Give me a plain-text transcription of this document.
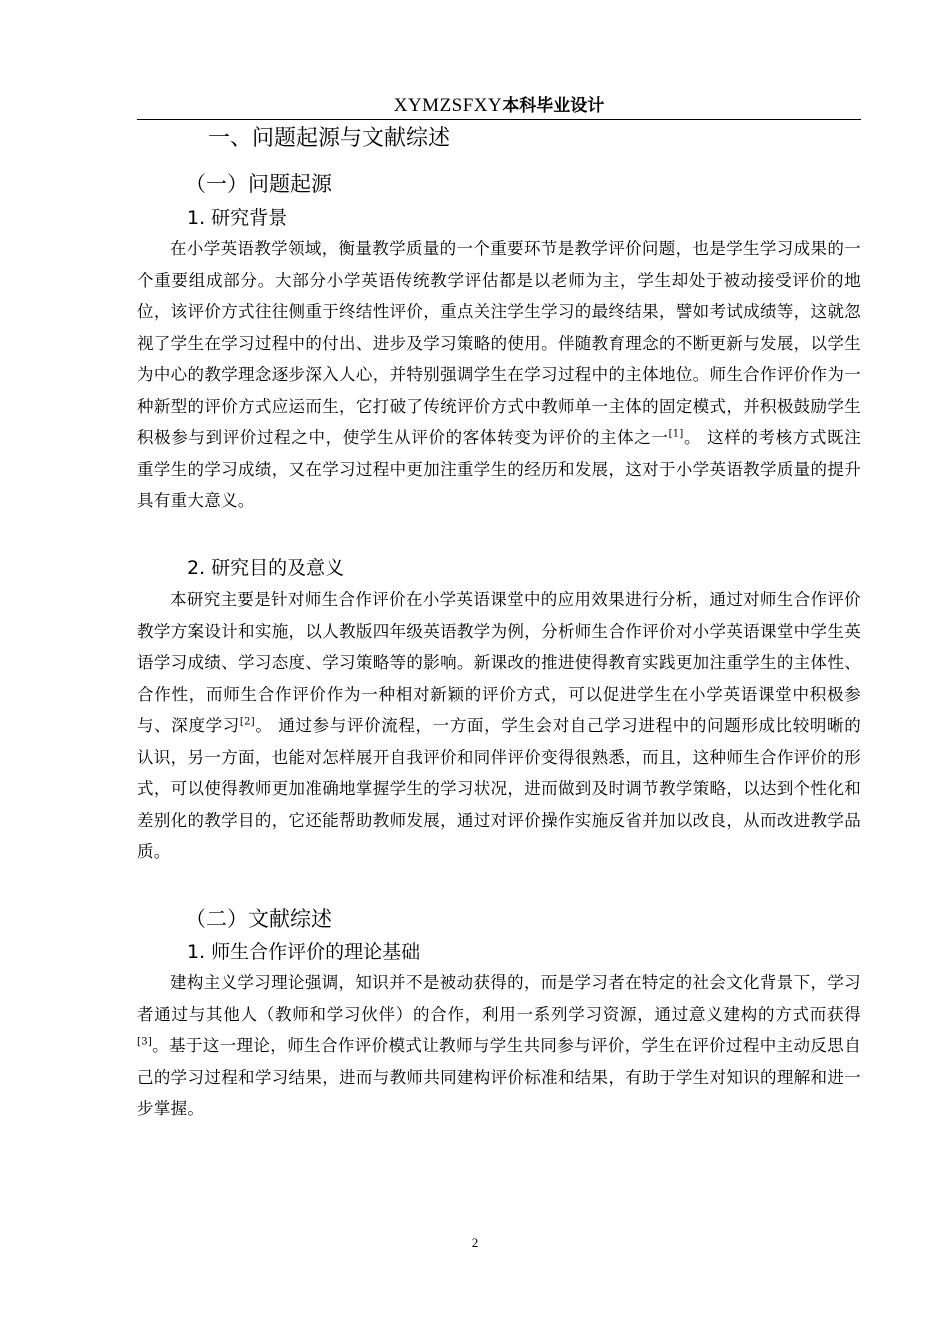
XYMZSFXY本科毕业设计
一、问题起源与文献综述
（一）问题起源
1. 研究背景
在小学英语教学领域，衡量教学质量的一个重要环节是教学评价问题，也是学生学习成果的一个重要组成部分。大部分小学英语传统教学评估都是以老师为主，学生却处于被动接受评价的地位，该评价方式往往侧重于终结性评价，重点关注学生学习的最终结果，譬如考试成绩等，这就忽视了学生在学习过程中的付出、进步及学习策略的使用。伴随教育理念的不断更新与发展，以学生为中心的教学理念逐步深入人心，并特别强调学生在学习过程中的主体地位。师生合作评价作为一种新型的评价方式应运而生，它打破了传统评价方式中教师单一主体的固定模式，并积极鼓励学生积极参与到评价过程之中，使学生从评价的客体转变为评价的主体之一[1]。 这样的考核方式既注重学生的学习成绩，又在学习过程中更加注重学生的经历和发展，这对于小学英语教学质量的提升具有重大意义。
2. 研究目的及意义
本研究主要是针对师生合作评价在小学英语课堂中的应用效果进行分析，通过对师生合作评价教学方案设计和实施，以人教版四年级英语教学为例，分析师生合作评价对小学英语课堂中学生英语学习成绩、学习态度、学习策略等的影响。新课改的推进使得教育实践更加注重学生的主体性、合作性，而师生合作评价作为一种相对新颖的评价方式，可以促进学生在小学英语课堂中积极参与、深度学习[2]。 通过参与评价流程，一方面，学生会对自己学习进程中的问题形成比较明晰的认识，另一方面，也能对怎样展开自我评价和同伴评价变得很熟悉，而且，这种师生合作评价的形式，可以使得教师更加准确地掌握学生的学习状况，进而做到及时调节教学策略，以达到个性化和差别化的教学目的，它还能帮助教师发展，通过对评价操作实施反省并加以改良，从而改进教学品质。
（二）文献综述
1. 师生合作评价的理论基础
建构主义学习理论强调，知识并不是被动获得的，而是学习者在特定的社会文化背景下，学习者通过与其他人（教师和学习伙伴）的合作，利用一系列学习资源，通过意义建构的方式而获得[3]。基于这一理论，师生合作评价模式让教师与学生共同参与评价，学生在评价过程中主动反思自己的学习过程和学习结果，进而与教师共同建构评价标准和结果，有助于学生对知识的理解和进一步掌握。
2
